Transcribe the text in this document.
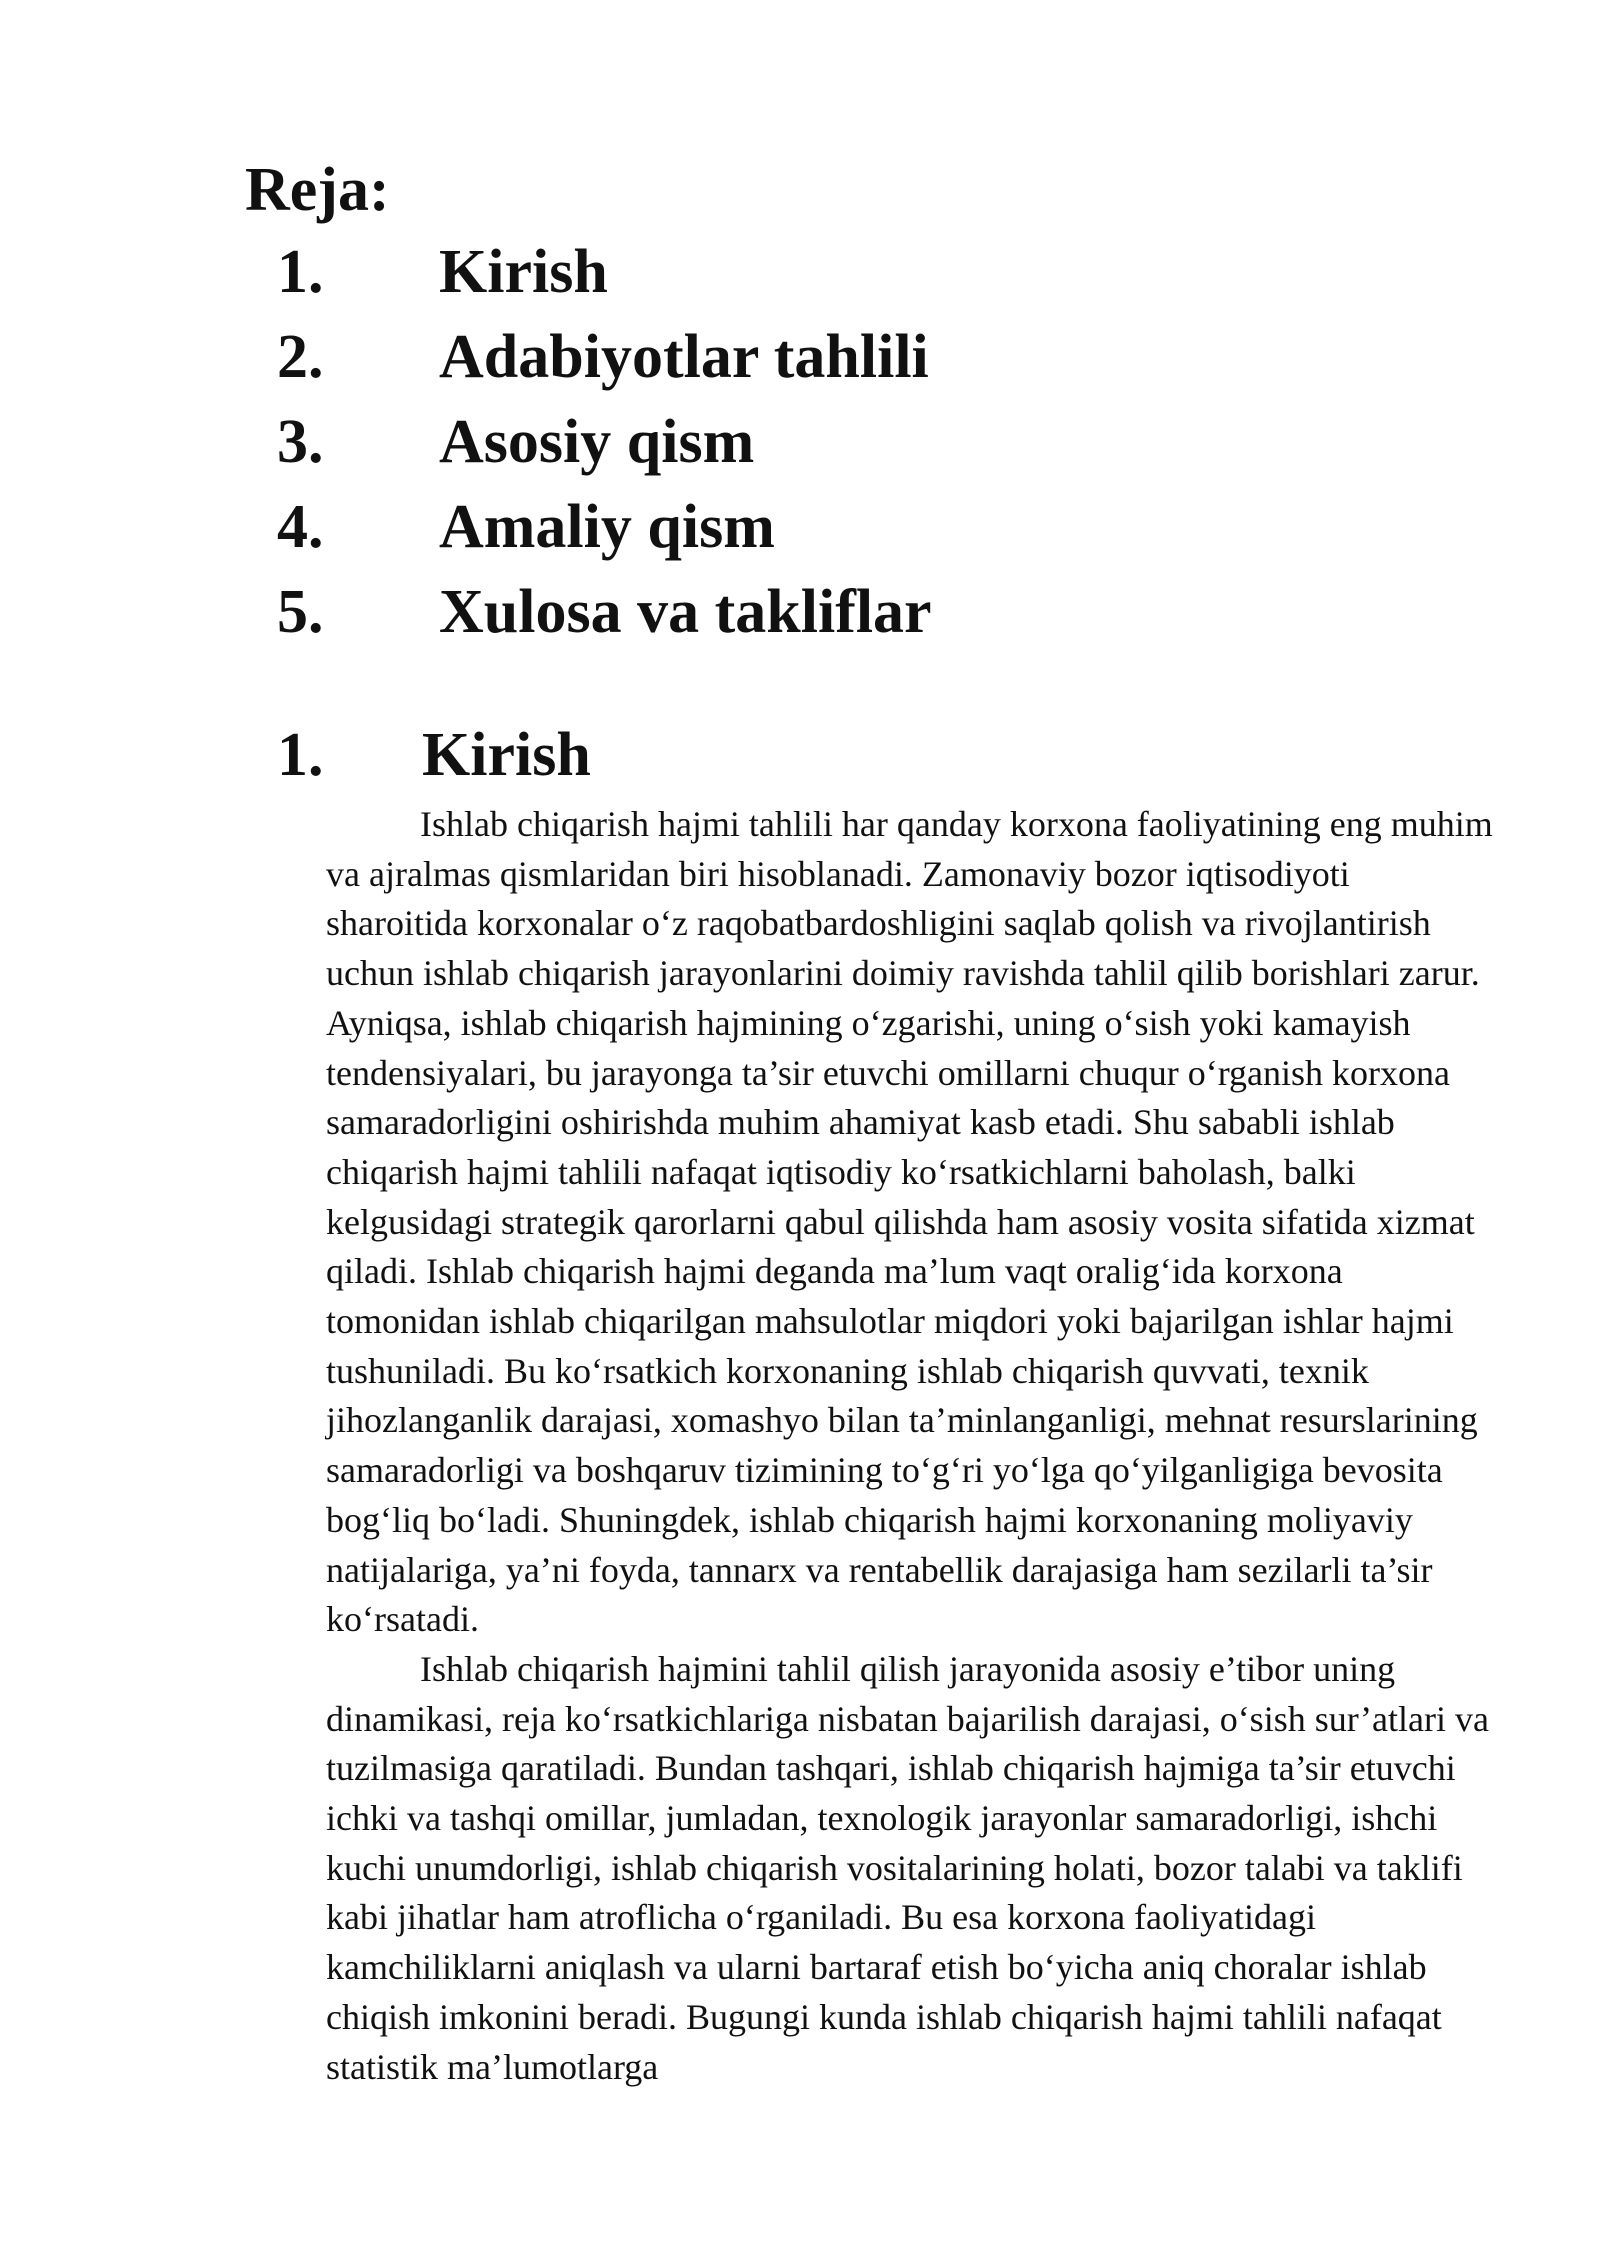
Reja:
1.	Kirish
2.	Adabiyotlar tahlili
3.	Asosiy qism
4.	Amaliy qism
5.	Xulosa va takliflar
1.	Kirish

Ishlab chiqarish hajmi tahlili har qanday korxona faoliyatining eng muhim va ajralmas qismlaridan biri hisoblanadi. Zamonaviy bozor iqtisodiyoti sharoitida korxonalar o‘z raqobatbardoshligini saqlab qolish va rivojlantirish uchun ishlab chiqarish jarayonlarini doimiy ravishda tahlil qilib borishlari zarur. Ayniqsa, ishlab chiqarish hajmining o‘zgarishi, uning o‘sish yoki kamayish tendensiyalari, bu jarayonga ta’sir etuvchi omillarni chuqur o‘rganish korxona samaradorligini oshirishda muhim ahamiyat kasb etadi. Shu sababli ishlab chiqarish hajmi tahlili nafaqat iqtisodiy ko‘rsatkichlarni baholash, balki kelgusidagi strategik qarorlarni qabul qilishda ham asosiy vosita sifatida xizmat qiladi. Ishlab chiqarish hajmi deganda ma’lum vaqt oralig‘ida korxona tomonidan ishlab chiqarilgan mahsulotlar miqdori yoki bajarilgan ishlar hajmi tushuniladi. Bu ko‘rsatkich korxonaning ishlab chiqarish quvvati, texnik jihozlanganlik darajasi, xomashyo bilan ta’minlanganligi, mehnat resurslarining samaradorligi va boshqaruv tizimining to‘g‘ri yo‘lga qo‘yilganligiga bevosita bog‘liq bo‘ladi. Shuningdek, ishlab chiqarish hajmi korxonaning moliyaviy natijalariga, ya’ni foyda, tannarx va rentabellik darajasiga ham sezilarli ta’sir ko‘rsatadi.

Ishlab chiqarish hajmini tahlil qilish jarayonida asosiy e’tibor uning dinamikasi, reja ko‘rsatkichlariga nisbatan bajarilish darajasi, o‘sish sur’atlari va tuzilmasiga qaratiladi. Bundan tashqari, ishlab chiqarish hajmiga ta’sir etuvchi ichki va tashqi omillar, jumladan, texnologik jarayonlar samaradorligi, ishchi kuchi unumdorligi, ishlab chiqarish vositalarining holati, bozor talabi va taklifi kabi jihatlar ham atroflicha o‘rganiladi. Bu esa korxona faoliyatidagi kamchiliklarni aniqlash va ularni bartaraf etish bo‘yicha aniq choralar ishlab chiqish imkonini beradi. Bugungi kunda ishlab chiqarish hajmi tahlili nafaqat statistik ma’lumotlarga
